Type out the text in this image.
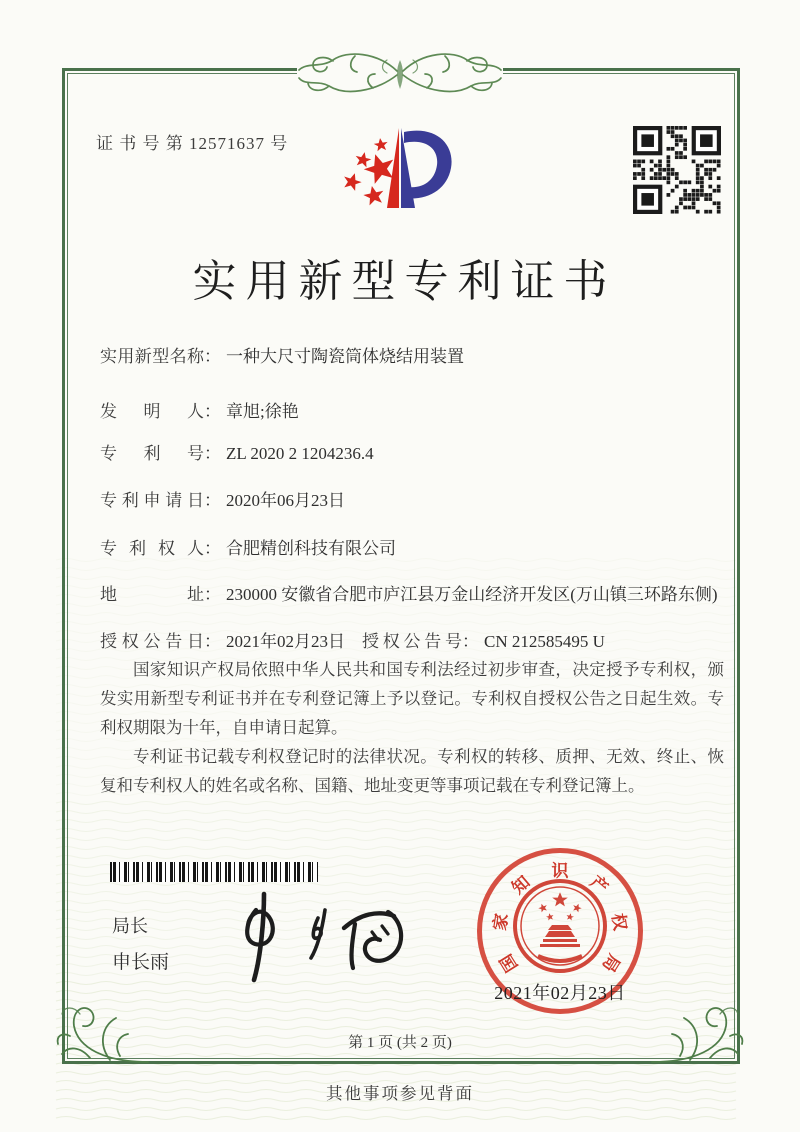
证 书 号 第 12571637 号
实用新型专利证书
实用新型名称： 一种大尺寸陶瓷筒体烧结用装置
发明人： 章旭;徐艳
专利号： ZL 2020 2 1204236.4
专利申请日： 2020年06月23日
专利权人： 合肥精创科技有限公司
地址： 230000 安徽省合肥市庐江县万金山经济开发区(万山镇三环路东侧)
授权公告日： 2021年02月23日 授权公告号： CN 212585495 U

国家知识产权局依照中华人民共和国专利法经过初步审查，决定授予专利权，颁发实用新型专利证书并在专利登记簿上予以登记。专利权自授权公告之日起生效。专利权期限为十年，自申请日起算。

专利证书记载专利权登记时的法律状况。专利权的转移、质押、无效、终止、恢复和专利权人的姓名或名称、国籍、地址变更等事项记载在专利登记簿上。

局长
申长雨	国
家
知
识
产
权
局
2021年02月23日
第 1 页 (共 2 页)
其他事项参见背面
